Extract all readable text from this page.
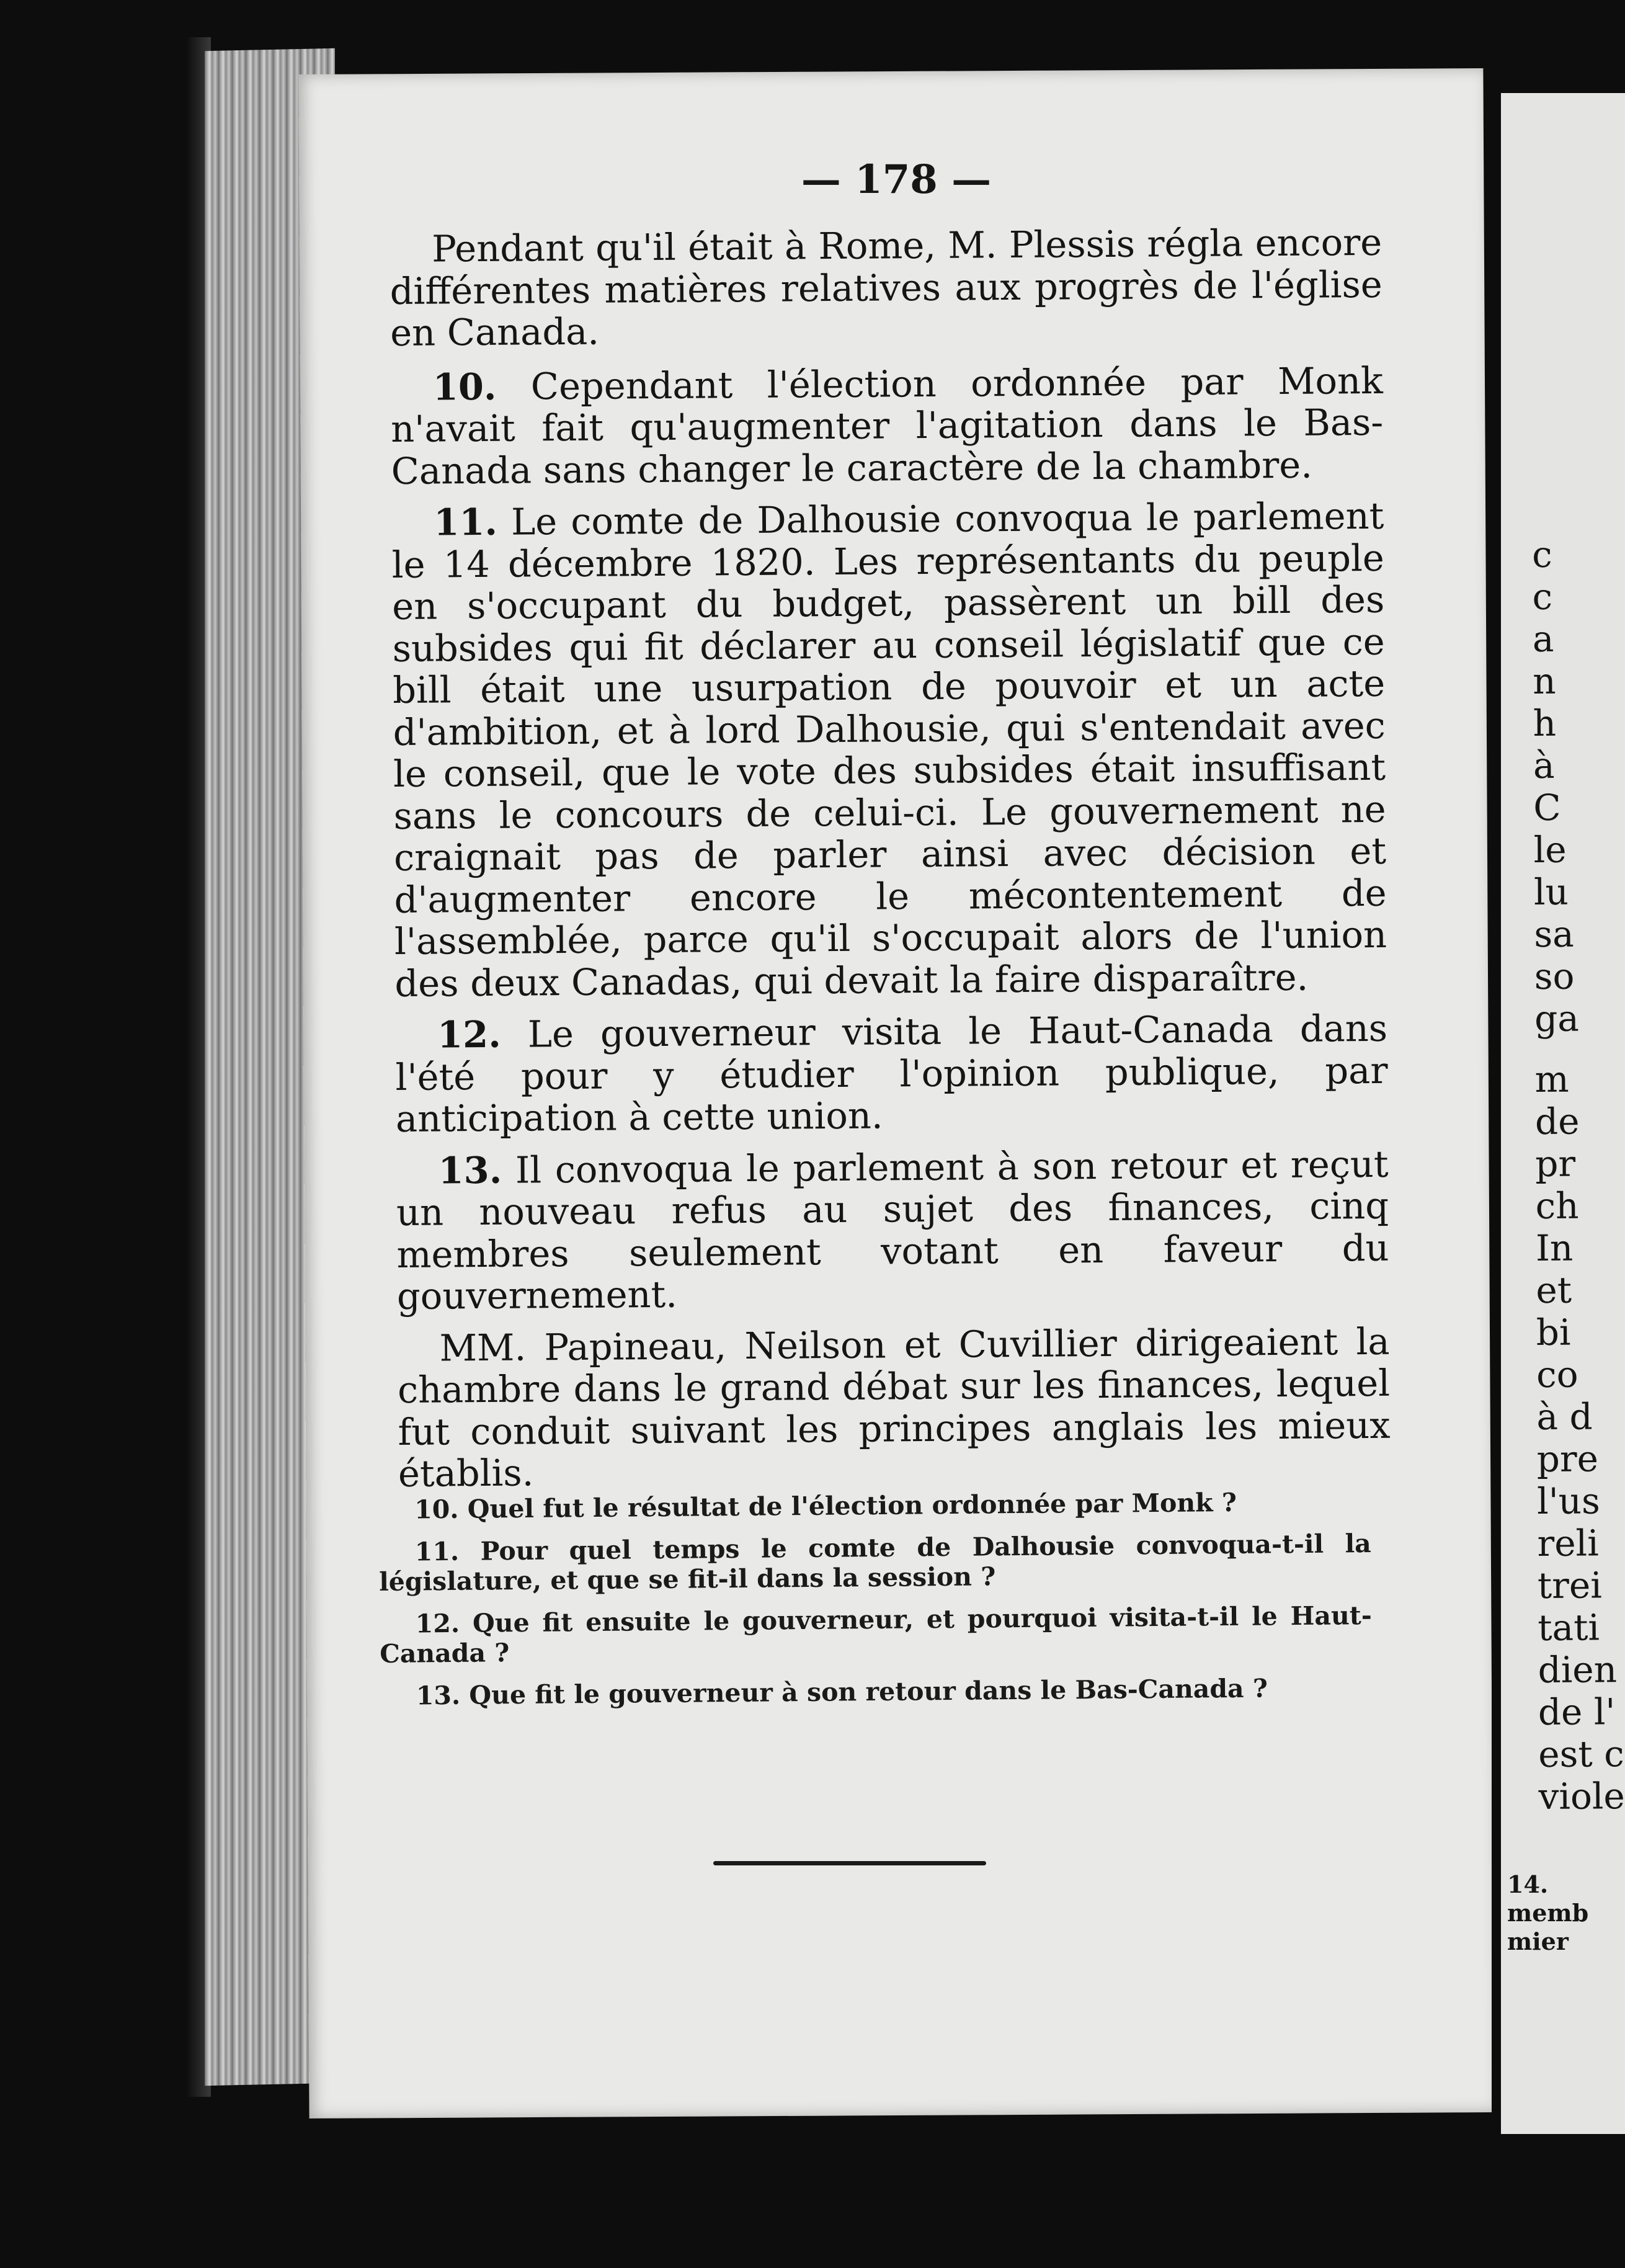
— 178 —

Pendant qu'il était à Rome, M. Plessis régla encore différentes matières relatives aux progrès de l'église en Canada.

10. Cependant l'élection ordonnée par Monk n'avait fait qu'augmenter l'agitation dans le Bas-Canada sans changer le caractère de la chambre.

11. Le comte de Dalhousie convoqua le parlement le 14 décembre 1820. Les représentants du peuple en s'occupant du budget, passèrent un bill des subsides qui fit déclarer au conseil législatif que ce bill était une usurpation de pouvoir et un acte d'ambition, et à lord Dalhousie, qui s'entendait avec le conseil, que le vote des subsides était insuffisant sans le concours de celui-ci. Le gouvernement ne craignait pas de parler ainsi avec décision et d'augmenter encore le mécontentement de l'assemblée, parce qu'il s'occupait alors de l'union des deux Canadas, qui devait la faire disparaître.

12. Le gouverneur visita le Haut-Canada dans l'été pour y étudier l'opinion publique, par anticipation à cette union.

13. Il convoqua le parlement à son retour et reçut un nouveau refus au sujet des finances, cinq membres seulement votant en faveur du gouvernement.

MM. Papineau, Neilson et Cuvillier dirigeaient la chambre dans le grand débat sur les finances, lequel fut conduit suivant les principes anglais les mieux établis.

10. Quel fut le résultat de l'élection ordonnée par Monk ?

11. Pour quel temps le comte de Dalhousie convoqua-t-il la législature, et que se fit-il dans la session ?

12. Que fit ensuite le gouverneur, et pourquoi visita-t-il le Haut-Canada ?

13. Que fit le gouverneur à son retour dans le Bas-Canada ?

c

c

a

n

h

à

C

le

lu

sa

so

ga

m

de

pr

ch

In

et

bi

co

à d

pre

l'us

reli

trei

tati

dien

de l'

est c

viole

14.

memb

mier
